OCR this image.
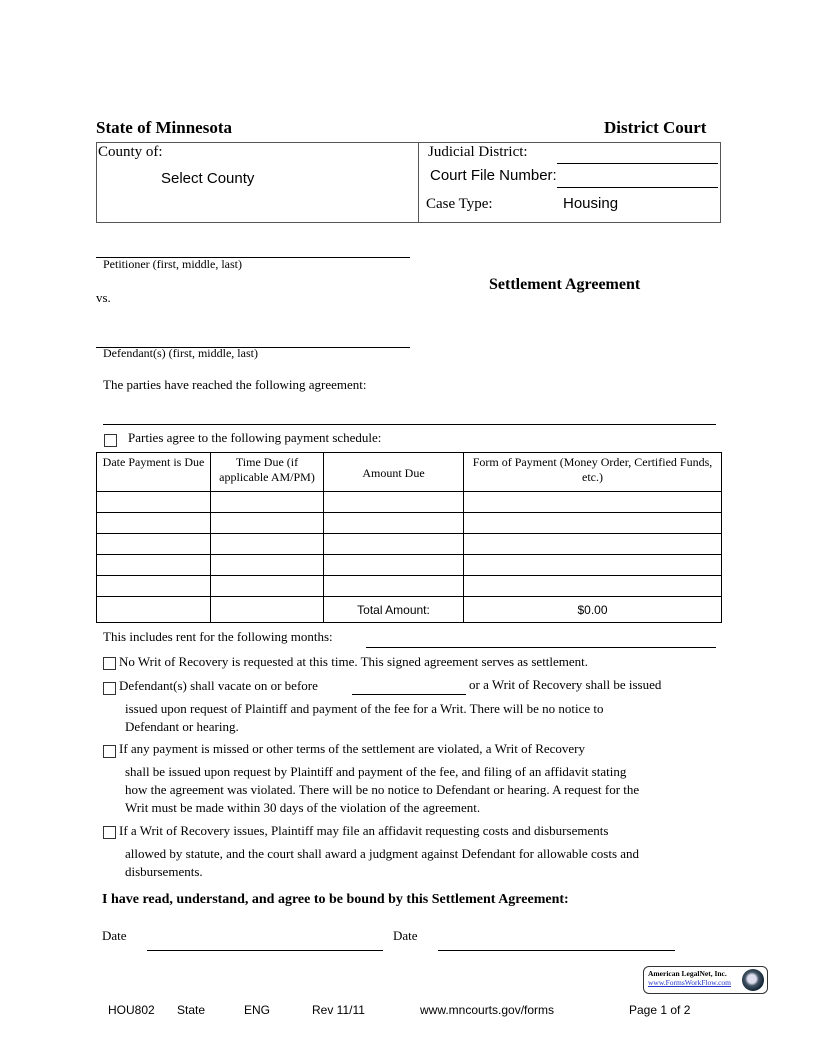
State of Minnesota	District Court
County of:
Select County
Judicial District:
Court File Number:
Case Type:	Housing
Petitioner (first, middle, last)
vs.
Settlement Agreement
Defendant(s) (first, middle, last)
The parties have reached the following agreement:
Parties agree to the following payment schedule:
Date Payment is Due	Time Due (if applicable AM/PM)	Amount Due	Form of Payment (Money Order, Certified Funds, etc.)

		Total Amount:	$0.00
This includes rent for the following months:
No Writ of Recovery is requested at this time. This signed agreement serves as settlement.
Defendant(s) shall vacate on or before	or a Writ of Recovery shall be issued
issued upon request of Plaintiff and payment of the fee for a Writ. There will be no notice to
Defendant or hearing.
If any payment is missed or other terms of the settlement are violated, a Writ of Recovery
shall be issued upon request by Plaintiff and payment of the fee, and filing of an affidavit stating
how the agreement was violated. There will be no notice to Defendant or hearing. A request for the
Writ must be made within 30 days of the violation of the agreement.
If a Writ of Recovery issues, Plaintiff may file an affidavit requesting costs and disbursements
allowed by statute, and the court shall award a judgment against Defendant for allowable costs and
disbursements.
I have read, understand, and agree to be bound by this Settlement Agreement:
Date	Date
American LegalNet, Inc.
www.FormsWorkFlow.com
HOU802 State	ENG	Rev 11/11	www.mncourts.gov/forms	Page 1 of 2
